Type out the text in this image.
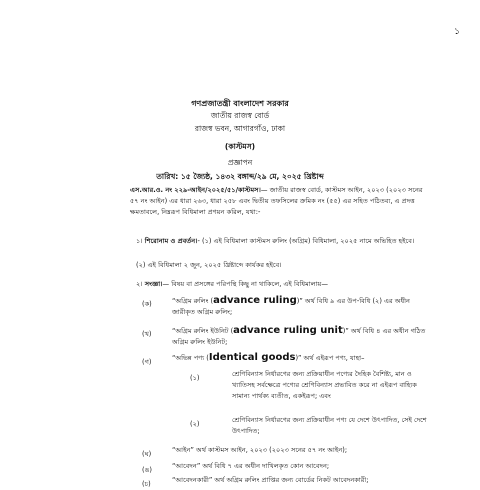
১
গণপ্রজাতন্ত্রী বাংলাদেশ সরকার
জাতীয় রাজস্ব বোর্ড
রাজস্ব ভবন, আগারগাঁও, ঢাকা
(কাস্টমস)
প্রজ্ঞাপন
তারিখ: ১৫ জ্যৈষ্ঠ, ১৪৩২ বঙ্গাব্দ/২৯ মে, ২০২৫ খ্রিষ্টাব্দ
এস.আর.ও. নং ২২৯-আইন/২০২৫/৫১/কাস্টমস।— জাতীয় রাজস্ব বোর্ড, কাস্টমস আইন, ২০২৩ (২০২৩ সনের ৫৭ নং আইন) এর ধারা ২৬৩, ধারা ২৫৮ এবং দ্বিতীয় তফসিলের ক্রমিক নং (৫৫) এর সহিত পঠিতব্য, এ প্রদত্ত ক্ষমতাবলে, নিম্নরূপ বিধিমালা প্রণয়ন করিল, যথা:-
১। শিরোনাম ও প্রবর্তন।- (১) এই বিধিমালা কাস্টমস রুলিং (অগ্রিম) বিধিমালা, ২০২৫ নামে অভিহিত হইবে।
(২) এই বিধিমালা ২ জুন, ২০২৫ খ্রিষ্টাব্দে কার্যকর হইবে।
২। সংজ্ঞা।— বিষয় বা প্রসঙ্গের পরিপন্থি কিছু না থাকিলে, এই বিধিমালায়—
(ক)	“অগ্রিম রুলিং (advance ruling)” অর্থ বিধি ৯ এর উপ-বিধি (২) এর অধীন জারীকৃত অগ্রিম রুলিং;
(খ)	“অগ্রিম রুলিং ইউনিট (advance ruling unit)” অর্থ বিধি ৪ এর অধীন গঠিত অগ্রিম রুলিং ইউনিট;
(গ)	“অভিন্ন পণ্য (Identical goods)” অর্থ এইরূপ পণ্য, যাহা–
(১)	শ্রেণিবিন্যাস নির্ধারণের জন্য প্রক্রিয়াধীন পণ্যের দৈহিক বৈশিষ্ট্য, মান ও খ্যাতিসহ সর্বক্ষেত্রে পণ্যের শ্রেণিবিন্যাস প্রভাবিত করে না এইরূপ বাহ্যিক সামান্য পার্থক্য ব্যতীত, একইরূপ; এবং
(২)	শ্রেণিবিন্যাস নির্ধারণের জন্য প্রক্রিয়াধীন পণ্য যে দেশে উৎপাদিত, সেই দেশে উৎপাদিত;
(ঘ)	“আইন” অর্থ কাস্টমস আইন, ২০২৩ (২০২৩ সনের ৫৭ নং আইন);
(ঙ)	“আবেদন” অর্থ বিধি ৭ এর অধীন দাখিলকৃত কোন আবেদন;
(চ)	“আবেদনকারী” অর্থ অগ্রিম রুলিং প্রাপ্তির জন্য বোর্ডের নিকট আবেদনকারী;
